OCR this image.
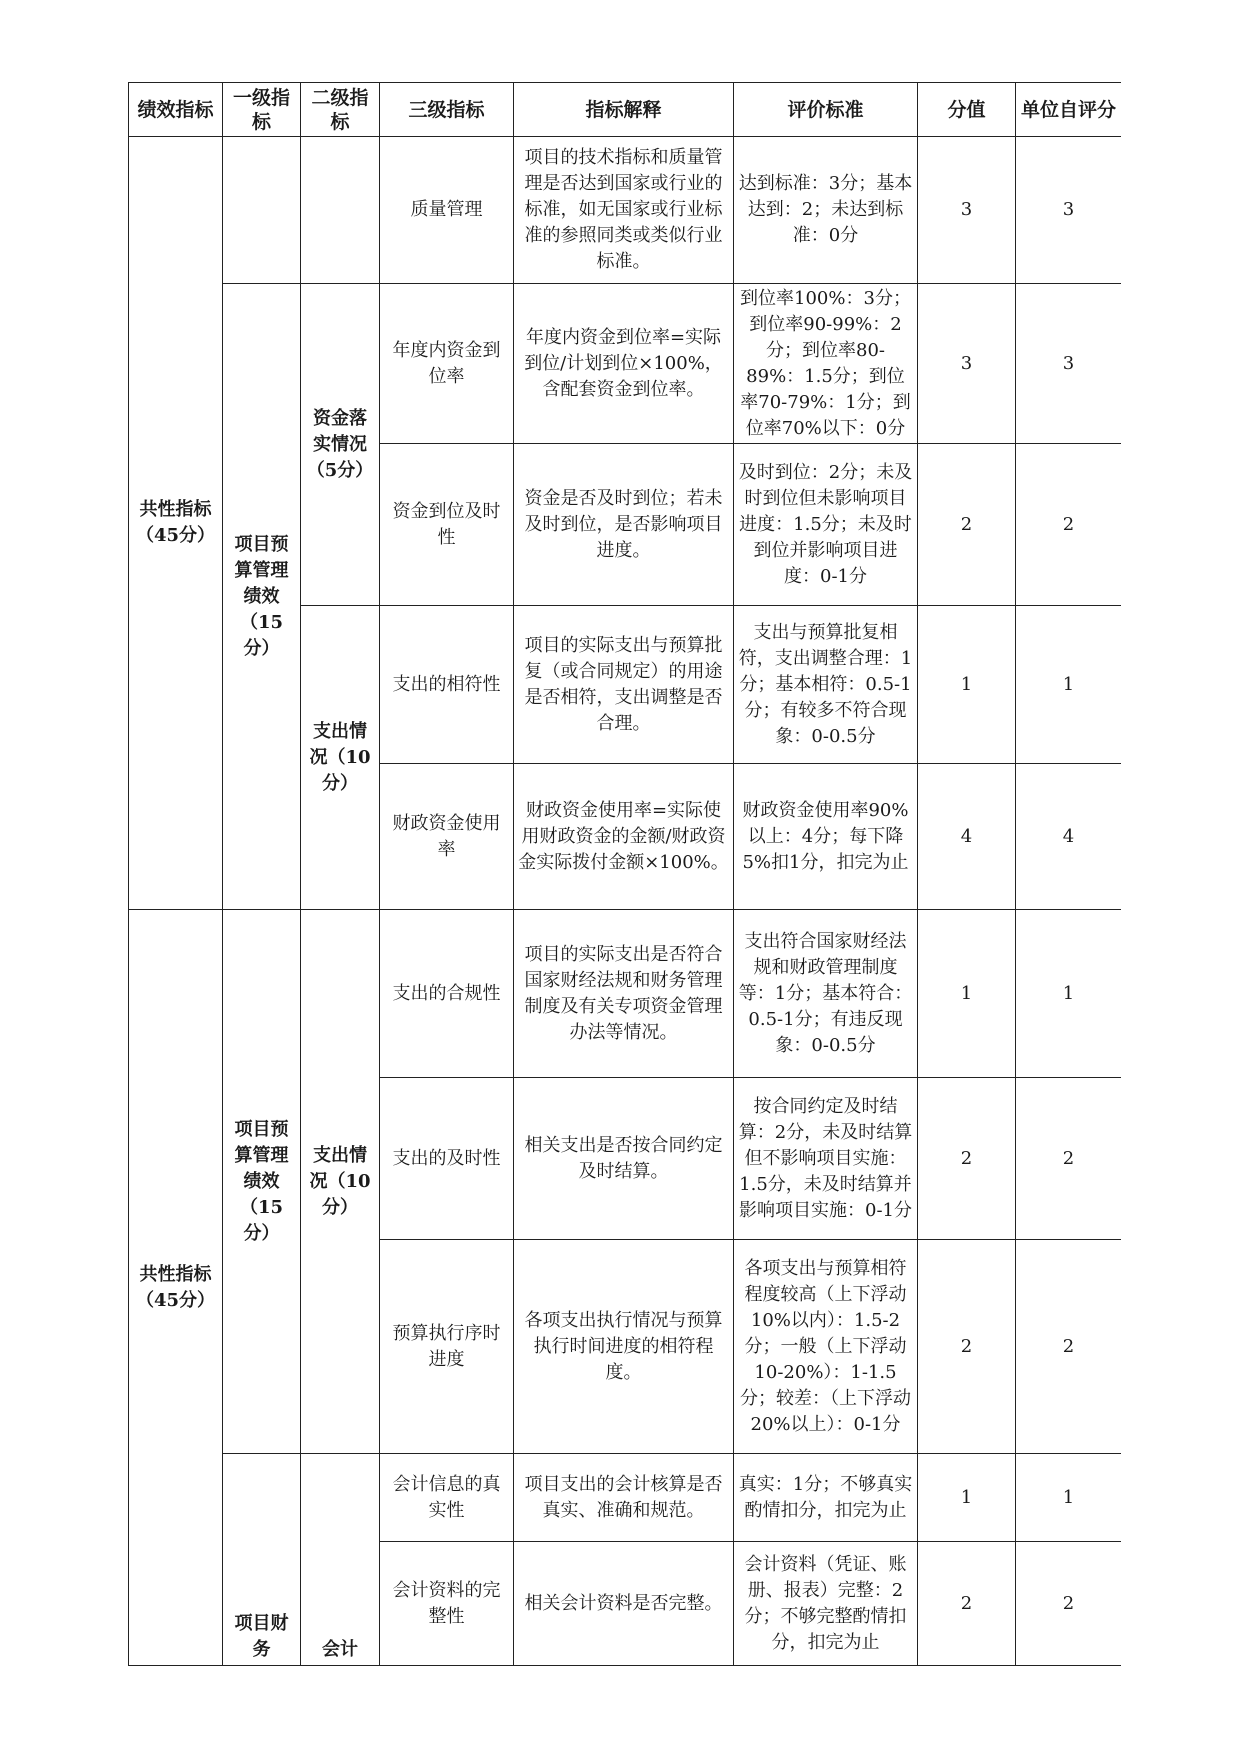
绩效指标	一级指标	二级指标	三级指标	指标解释	评价标准	分值	单位自评分
共性指标（45分）			质量管理	项目的技术指标和质量管理是否达到国家或行业的标准，如无国家或行业标准的参照同类或类似行业标准。	达到标准：3分；基本达到：2；未达到标准：0分	3	3
	项目预算管理绩效（15分）	资金落实情况（5分）	年度内资金到位率	年度内资金到位率=实际到位/计划到位×100%，含配套资金到位率。	到位率100%：3分；到位率90-99%：2分；到位率80-89%：1.5分；到位率70-79%：1分；到位率70%以下：0分	3	3
			资金到位及时性	资金是否及时到位；若未及时到位，是否影响项目进度。	及时到位：2分；未及时到位但未影响项目进度：1.5分；未及时到位并影响项目进度：0-1分	2	2
		支出情况（10分）	支出的相符性	项目的实际支出与预算批复（或合同规定）的用途是否相符，支出调整是否合理。	支出与预算批复相符，支出调整合理：1分；基本相符：0.5-1分；有较多不符合现象：0-0.5分	1	1
			财政资金使用率	财政资金使用率=实际使用财政资金的金额/财政资金实际拨付金额×100%。	财政资金使用率90%以上：4分；每下降5%扣1分，扣完为止	4	4
共性指标（45分）	项目预算管理绩效（15分）	支出情况（10分）	支出的合规性	项目的实际支出是否符合国家财经法规和财务管理制度及有关专项资金管理办法等情况。	支出符合国家财经法规和财政管理制度等：1分；基本符合：0.5-1分；有违反现象：0-0.5分	1	1
			支出的及时性	相关支出是否按合同约定及时结算。	按合同约定及时结算：2分，未及时结算但不影响项目实施：1.5分，未及时结算并影响项目实施：0-1分	2	2
			预算执行序时进度	各项支出执行情况与预算执行时间进度的相符程度。	各项支出与预算相符程度较高（上下浮动10%以内）：1.5-2分；一般（上下浮动10-20%）：1-1.5分；较差：（上下浮动20%以上）：0-1分	2	2
	项目财务	会计	会计信息的真实性	项目支出的会计核算是否真实、准确和规范。	真实：1分；不够真实酌情扣分，扣完为止	1	1
			会计资料的完整性	相关会计资料是否完整。	会计资料（凭证、账册、报表）完整：2分；不够完整酌情扣分，扣完为止	2	2
